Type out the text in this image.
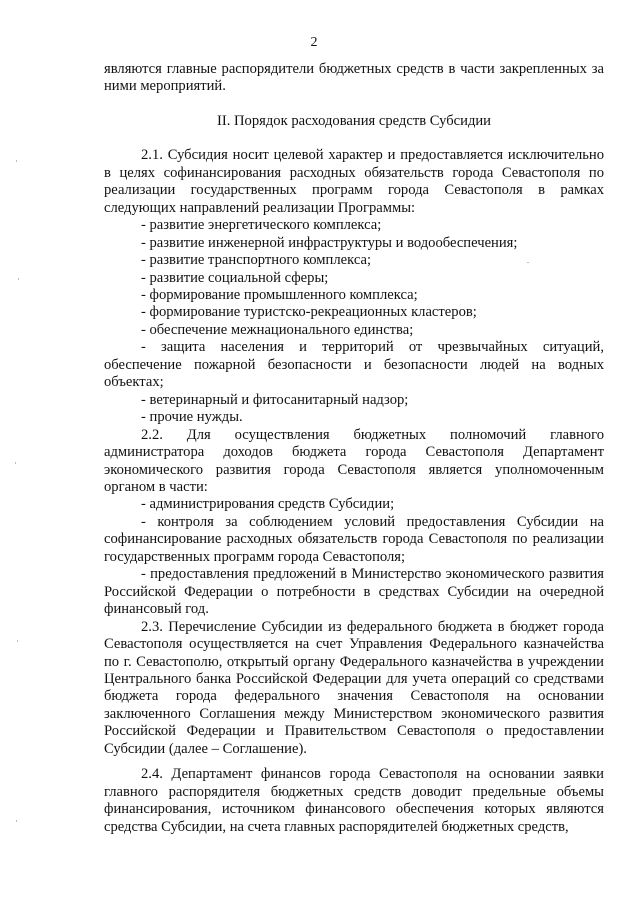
2

являются главные распорядители бюджетных средств в части закрепленных за ними мероприятий.

II. Порядок расходования средств Субсидии

2.1. Субсидия носит целевой характер и предоставляется исключительно в целях софинансирования расходных обязательств города Севастополя по реализации государственных программ города Севастополя в рамках следующих направлений реализации Программы:

- развитие энергетического комплекса;

- развитие инженерной инфраструктуры и водообеспечения;

- развитие транспортного комплекса;

- развитие социальной сферы;

- формирование промышленного комплекса;

- формирование туристско-рекреационных кластеров;

- обеспечение межнационального единства;

- защита населения и территорий от чрезвычайных ситуаций, обеспечение пожарной безопасности и безопасности людей на водных объектах;

- ветеринарный и фитосанитарный надзор;

- прочие нужды.

2.2. Для осуществления бюджетных полномочий главного администратора доходов бюджета города Севастополя Департамент экономического развития города Севастополя является уполномоченным органом в части:

- администрирования средств Субсидии;

- контроля за соблюдением условий предоставления Субсидии на софинансирование расходных обязательств города Севастополя по реализации государственных программ города Севастополя;

- предоставления предложений в Министерство экономического развития Российской Федерации о потребности в средствах Субсидии на очередной финансовый год.

2.3. Перечисление Субсидии из федерального бюджета в бюджет города Севастополя осуществляется на счет Управления Федерального казначейства по г. Севастополю, открытый органу Федерального казначейства в учреждении Центрального банка Российской Федерации для учета операций со средствами бюджета города федерального значения Севастополя на основании заключенного Соглашения между Министерством экономического развития Российской Федерации и Правительством Севастополя о предоставлении Субсидии (далее – Соглашение).

2.4. Департамент финансов города Севастополя на основании заявки главного распорядителя бюджетных средств доводит предельные объемы финансирования, источником финансового обеспечения которых являются средства Субсидии, на счета главных распорядителей бюджетных средств,
